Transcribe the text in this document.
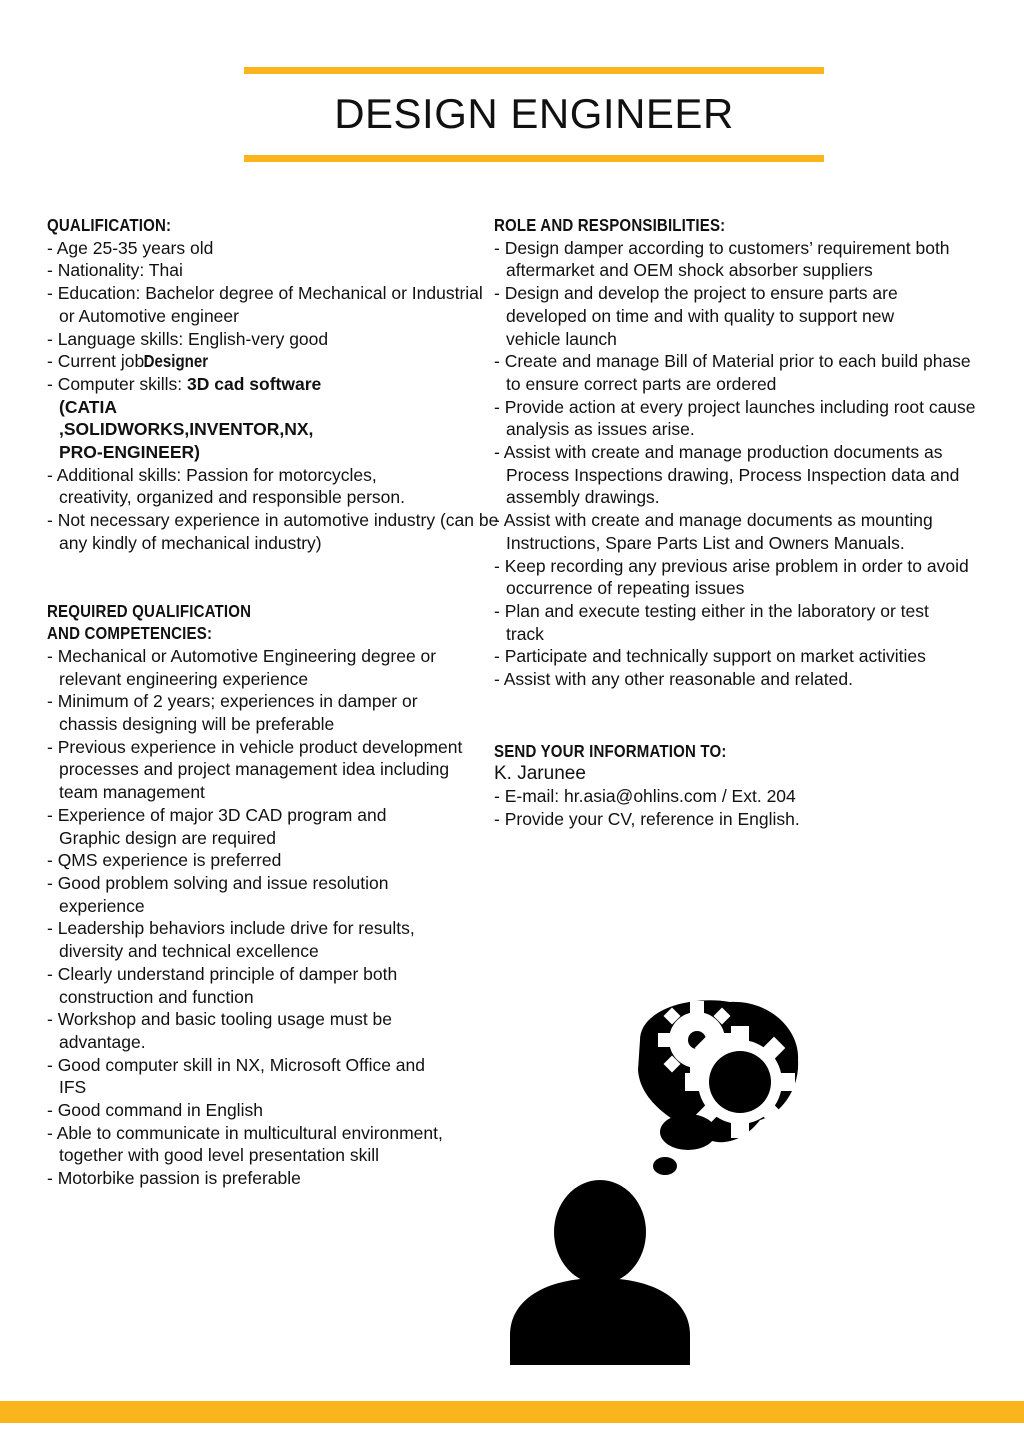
DESIGN ENGINEER
QUALIFICATION:
- Age 25-35 years old
- Nationality: Thai
- Education: Bachelor degree of Mechanical or Industrial or Automotive engineer
- Language skills: English-very good
- Current job: Designer
- Computer skills: 3D cad software (CATIA ,SOLIDWORKS,INVENTOR,NX, PRO-ENGINEER)
- Additional skills: Passion for motorcycles, creativity, organized and responsible person.
- Not necessary experience in automotive industry (can be any kindly of mechanical industry)
REQUIRED QUALIFICATION
AND COMPETENCIES:
- Mechanical or Automotive Engineering degree or relevant engineering experience
- Minimum of 2 years; experiences in damper or chassis designing will be preferable
- Previous experience in vehicle product development processes and project management idea including team management
- Experience of major 3D CAD program and Graphic design are required
- QMS experience is preferred
- Good problem solving and issue resolution experience
- Leadership behaviors include drive for results, diversity and technical excellence
- Clearly understand principle of damper both construction and function
- Workshop and basic tooling usage must be advantage.
- Good computer skill in NX, Microsoft Office and IFS
- Good command in English
- Able to communicate in multicultural environment, together with good level presentation skill
- Motorbike passion is preferable
ROLE AND RESPONSIBILITIES:
- Design damper according to customers’ requirement both aftermarket and OEM shock absorber suppliers
- Design and develop the project to ensure parts are developed on time and with quality to support new vehicle launch
- Create and manage Bill of Material prior to each build phase to ensure correct parts are ordered
- Provide action at every project launches including root cause analysis as issues arise.
- Assist with create and manage production documents as Process Inspections drawing, Process Inspection data and assembly drawings.
- Assist with create and manage documents as mounting Instructions, Spare Parts List and Owners Manuals.
- Keep recording any previous arise problem in order to avoid occurrence of repeating issues
- Plan and execute testing either in the laboratory or test track
- Participate and technically support on market activities
- Assist with any other reasonable and related.
SEND YOUR INFORMATION TO:
K. Jarunee
- E-mail: hr.asia@ohlins.com / Ext. 204
- Provide your CV, reference in English.
